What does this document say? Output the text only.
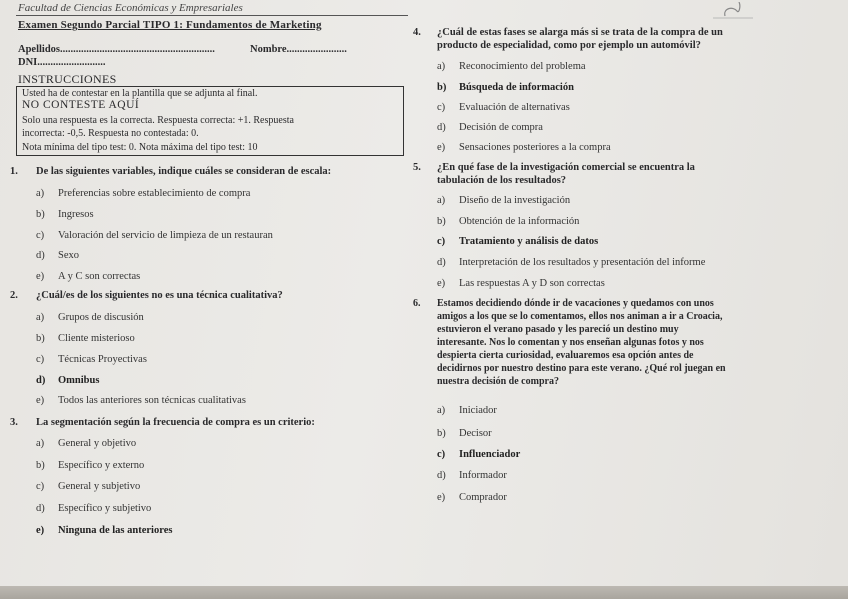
Facultad de Ciencias Económicas y Empresariales
Examen Segundo Parcial TIPO 1: Fundamentos de Marketing
Apellidos...........................................................	Nombre.......................
DNI..........................
INSTRUCCIONES
Usted ha de contestar en la plantilla que se adjunta al final.
NO CONTESTE AQUÍ
Solo una respuesta es la correcta. Respuesta correcta: +1. Respuesta
incorrecta: -0,5. Respuesta no contestada: 0.
Nota mínima del tipo test: 0. Nota máxima del tipo test: 10
1. De las siguientes variables, indique cuáles se consideran de escala:
a) Preferencias sobre establecimiento de compra
b) Ingresos
c) Valoración del servicio de limpieza de un restauran
d) Sexo
e) A y C son correctas
2. ¿Cuál/es de los siguientes no es una técnica cualitativa?
a) Grupos de discusión
b) Cliente misterioso
c) Técnicas Proyectivas
d) Omnibus
e) Todos las anteriores son técnicas cualitativas
3. La segmentación según la frecuencia de compra es un criterio:
a) General y objetivo
b) Específico y externo
c) General y subjetivo
d) Específico y subjetivo
e) Ninguna de las anteriores
4. ¿Cuál de estas fases se alarga más si se trata de la compra de un
producto de especialidad, como por ejemplo un automóvil?
a) Reconocimiento del problema
b) Búsqueda de información
c) Evaluación de alternativas
d) Decisión de compra
e) Sensaciones posteriores a la compra
5. ¿En qué fase de la investigación comercial se encuentra la
tabulación de los resultados?
a) Diseño de la investigación
b) Obtención de la información
c) Tratamiento y análisis de datos
d) Interpretación de los resultados y presentación del informe
e) Las respuestas A y D son correctas
6. Estamos decidiendo dónde ir de vacaciones y quedamos con unos
amigos a los que se lo comentamos, ellos nos animan a ir a Croacia,
estuvieron el verano pasado y les pareció un destino muy
interesante. Nos lo comentan y nos enseñan algunas fotos y nos
despierta cierta curiosidad, evaluaremos esa opción antes de
decidirnos por nuestro destino para este verano. ¿Qué rol juegan en
nuestra decisión de compra?
a) Iniciador
b) Decisor
c) Influenciador
d) Informador
e) Comprador
